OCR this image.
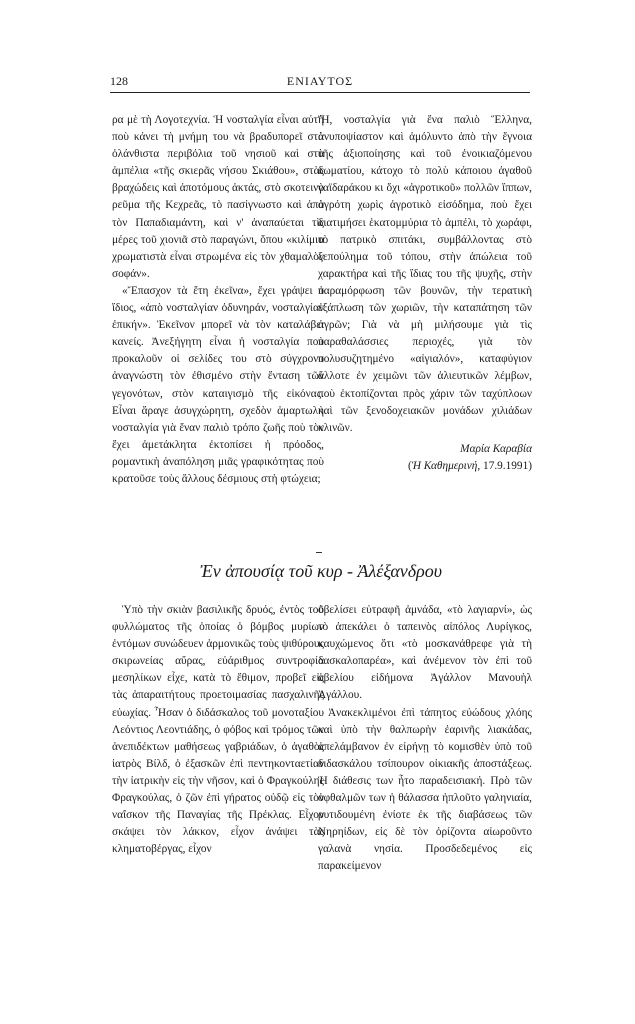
128	ΕΝΙΑΥΤΟΣ

ρα μὲ τὴ Λογοτεχνία. Ἡ νοσταλγία εἶναι αὐτὴ ποὺ κάνει τὴ μνήμη του νὰ βραδυπορεῖ στὰ ὀλάνθιστα περιβόλια τοῦ νησιοῦ καὶ στὰ ἀμπέλια «τῆς σκιερᾶς νήσου Σκιάθου», στὰς βραχώδεις καὶ ἀποτόμους ἀκτάς, στὸ σκοτεινὸ ρεῦμα τῆς Κεχρεᾶς, τὸ πασίγνωστο καὶ ἀπὸ τὸν Παπαδιαμάντη, καὶ ν' ἀναπαύεται τὶς μέρες τοῦ χιονιᾶ στὸ παραγώνι, ὅπου «κιλίμια χρωματιστὰ εἶναι στρωμένα εἰς τὸν χθαμαλὸν σοφάν».

«Ἔπασχον τὰ ἔτη ἐκεῖνα», ἔχει γράψει ὁ ἴδιος, «ἀπὸ νοσταλγίαν ὀδυνηράν, νοσταλγίαν ἐπικήν». Ἐκεῖνον μπορεῖ νὰ τὸν καταλάβει κανείς. Ἀνεξήγητη εἶναι ἡ νοσταλγία ποὺ προκαλοῦν οἱ σελίδες του στὸ σύγχρονο ἀναγνώστη τὸν ἐθισμένο στὴν ἔνταση τῶν γεγονότων, στὸν καταιγισμὸ τῆς εἰκόνας. Εἶναι ἄραγε ἀσυγχώρητη, σχεδὸν ἁμαρτωλὴ νοσταλγία γιὰ ἕναν παλιὸ τρόπο ζωῆς ποὺ τὸν ἔχει ἀμετάκλητα ἐκτοπίσει ἡ πρόοδος, ρομαντικὴ ἀναπόληση μιᾶς γραφικότητας ποὺ κρατοῦσε τοὺς ἄλλους δέσμιους στὴ φτώχεια;

Ἤ, νοσταλγία γιὰ ἕνα παλιὸ Ἕλληνα, ἀνυποψίαστον καὶ ἀμόλυντο ἀπὸ τὴν ἔγνοια τῆς ἀξιοποίησης καὶ τοῦ ἐνοικιαζόμενου δωματίου, κάτοχο τὸ πολὺ κάποιου ἀγαθοῦ γαϊδαράκου κι ὄχι «ἀγροτικοῦ» πολλῶν ἵππων, ἀγρότη χωρὶς ἀγροτικὸ εἰσόδημα, ποὺ ἔχει διατιμήσει ἑκατομμύρια τὸ ἀμπέλι, τὸ χωράφι, τὸ πατρικὸ σπιτάκι, συμβάλλοντας στὸ ξεπούλημα τοῦ τόπου, στὴν ἀπώλεια τοῦ χαρακτήρα καὶ τῆς ἴδιας του τῆς ψυχῆς, στὴν παραμόρφωση τῶν βουνῶν, τὴν τερατικὴ ἐξάπλωση τῶν χωριῶν, τὴν καταπάτηση τῶν ἀγρῶν; Γιὰ νὰ μὴ μιλήσουμε γιὰ τὶς παραθαλάσσιες περιοχές, γιὰ τὸν πολυσυζητημένο «αἰγιαλόν», καταφύγιον ἄλλοτε ἐν χειμῶνι τῶν ἁλιευτικῶν λέμβων, ποὺ ἐκτοπίζονται πρὸς χάριν τῶν ταχύπλοων καὶ τῶν ξενοδοχειακῶν μονάδων χιλιάδων κλινῶν.

Μαρία Καραβία
(Ἡ Καθημερινή, 17.9.1991)
Ἐν ἀπουσίᾳ τοῦ κυρ - Ἀλέξανδρου

Ὑπὸ τὴν σκιὰν βασιλικῆς δρυός, ἐντὸς τοῦ φυλλώματος τῆς ὁποίας ὁ βόμβος μυρίων ἐντόμων συνώδευεν ἁρμονικῶς τοὺς ψιθύρους σκιρωνείας αὔρας, εὐάριθμος συντροφία μεσηλίκων εἶχε, κατὰ τὸ ἔθιμον, προβεῖ εἰς τὰς ἀπαραιτήτους προετοιμασίας πασχαλινῆς εὐωχίας. Ἦσαν ὁ διδάσκαλος τοῦ μονοταξίου Λεόντιος Λεοντιάδης, ὁ φόβος καὶ τρόμος τῶν ἀνεπιδέκτων μαθήσεως γαβριάδων, ὁ ἀγαθὸς ἰατρὸς Βίλδ, ὁ ἐξασκῶν ἐπὶ πεντηκονταετίαν τὴν ἰατρικὴν εἰς τὴν νῆσον, καὶ ὁ Φραγκούλης Φραγκούλας, ὁ ζῶν ἐπὶ γήρατος οὐδῷ εἰς τὸν ναΐσκον τῆς Παναγίας τῆς Πρέκλας. Εἶχον σκάψει τὸν λάκκον, εἶχον ἀνάψει τὰς κληματοβέργας, εἶχον

ὀβελίσει εὐτραφῆ ἀμνάδα, «τὸ λαγιαρνί», ὡς τὸ ἀπεκάλει ὁ ταπεινὸς αἰπόλος Λυρίγκος, καυχώμενος ὅτι «τὸ μοσκανάθρεφε γιὰ τὴ δασκαλοπαρέα», καὶ ἀνέμενον τὸν ἐπὶ τοῦ ὀβελίου εἰδήμονα Ἀγάλλον Μανουὴλ Ἀγάλλου.

Ἀνακεκλιμένοι ἐπὶ τάπητος εὐώδους χλόης καὶ ὑπὸ τὴν θαλπωρὴν ἐαρινῆς λιακάδας, ἀπελάμβανον ἐν εἰρήνῃ τὸ κομισθὲν ὑπὸ τοῦ διδασκάλου τσίπουρον οἰκιακῆς ἀποστάξεως. Ἡ διάθεσις των ἦτο παραδεισιακή. Πρὸ τῶν ὀφθαλμῶν των ἡ θάλασσα ἡπλοῦτο γαληνιαία, ρυτιδουμένη ἐνίοτε ἐκ τῆς διαβάσεως τῶν Νηρηίδων, εἰς δὲ τὸν ὁρίζοντα αἰωροῦντο γαλανὰ νησία. Προσδεδεμένος εἰς παρακείμενον
